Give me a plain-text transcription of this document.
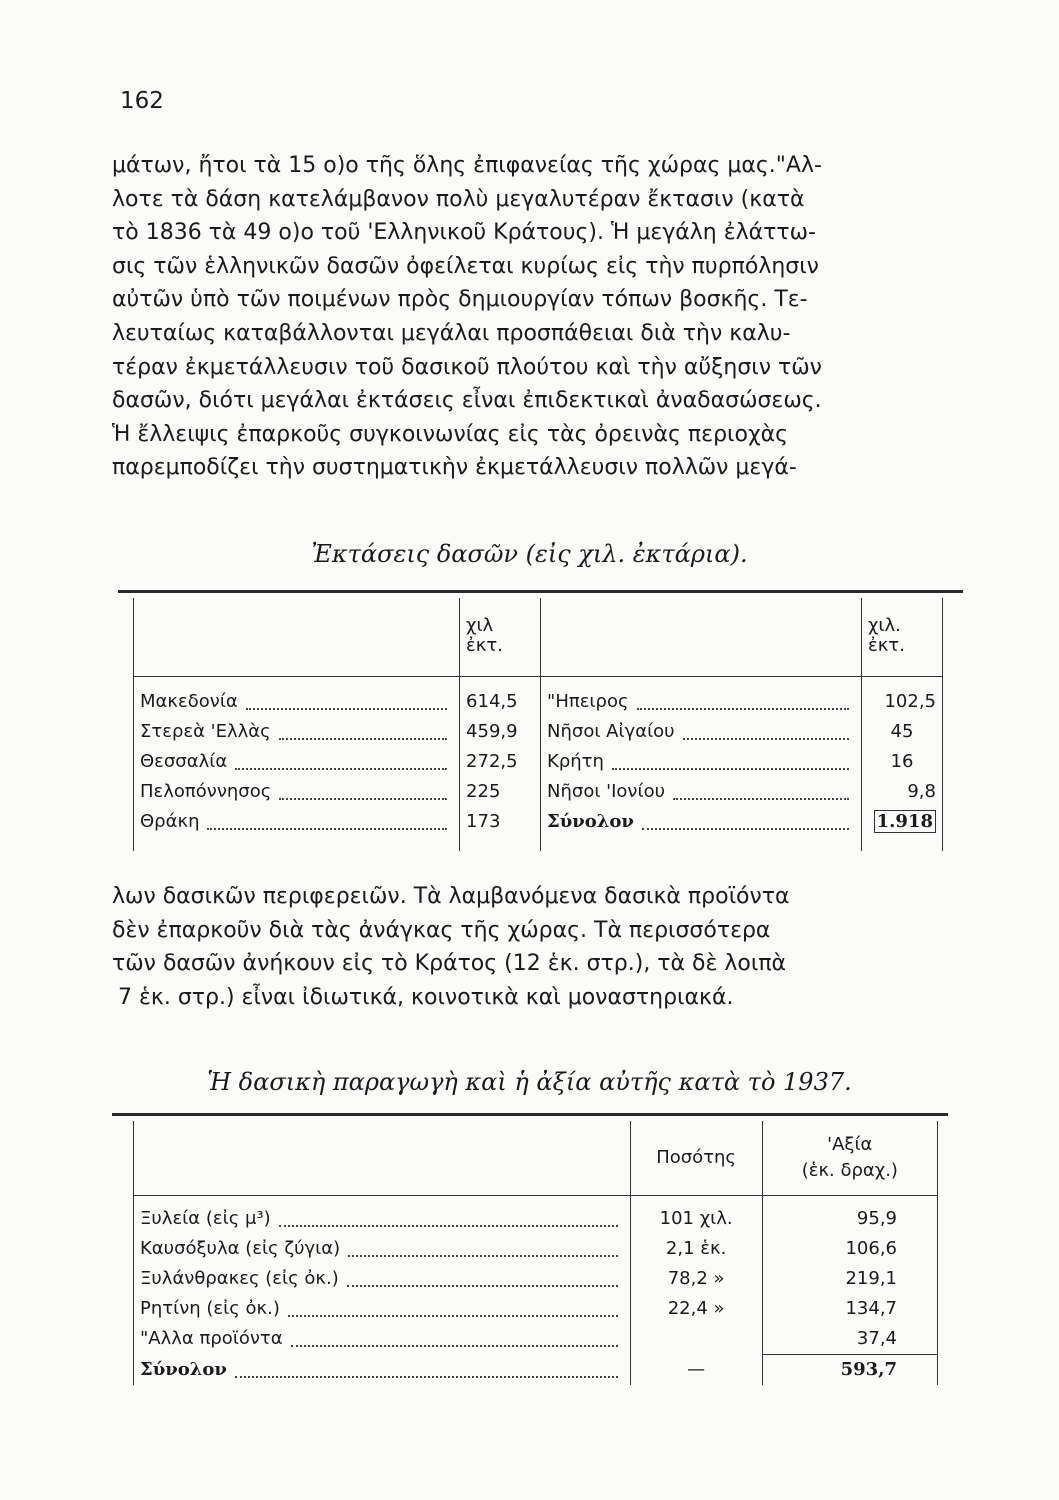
162
μάτων, ἤτοι τὰ 15 ο)ο τῆς ὅλης ἐπιφανείας τῆς χώρας μας."Αλ-
λοτε τὰ δάση κατελάμβανον πολὺ μεγαλυτέραν ἔκτασιν (κατὰ
τὸ 1836 τὰ 49 ο)ο τοῦ 'Ελληνικοῦ Κράτους). Ἡ μεγάλη ἐλάττω-
σις τῶν ἑλληνικῶν δασῶν ὀφείλεται κυρίως εἰς τὴν πυρπόλησιν
αὐτῶν ὑπὸ τῶν ποιμένων πρὸς δημιουργίαν τόπων βοσκῆς. Τε-
λευταίως καταβάλλονται μεγάλαι προσπάθειαι διὰ τὴν καλυ-
τέραν ἐκμετάλλευσιν τοῦ δασικοῦ πλούτου καὶ τὴν αὔξησιν τῶν
δασῶν, διότι μεγάλαι ἐκτάσεις εἶναι ἐπιδεκτικαὶ ἀναδασώσεως.
Ἡ ἔλλειψις ἐπαρκοῦς συγκοινωνίας εἰς τὰς ὀρεινὰς περιοχὰς
παρεμποδίζει τὴν συστηματικὴν ἐκμετάλλευσιν πολλῶν μεγά-
Ἐκτάσεις δασῶν (εἰς χιλ. ἐκτάρια).
	χιλ
ἐκτ.		χιλ.
ἐκτ.

Μακεδονία	614,5	"Ηπειρος	102,5

Στερεὰ 'Ελλὰς	459,9	Νῆσοι Αἰγαίου	45

Θεσσαλία	272,5	Κρήτη	16

Πελοπόννησος	225	Νῆσοι 'Ιονίου	9,8

Θράκη	173	Σύνολον	1.918
λων δασικῶν περιφερειῶν. Τὰ λαμβανόμενα δασικὰ προϊόντα
δὲν ἐπαρκοῦν διὰ τὰς ἀνάγκας τῆς χώρας. Τὰ περισσότερα
τῶν δασῶν ἀνήκουν εἰς τὸ Κράτος (12 ἑκ. στρ.), τὰ δὲ λοιπὰ
7 ἑκ. στρ.) εἶναι ἰδιωτικά, κοινοτικὰ καὶ μοναστηριακά.
Ἡ δασικὴ παραγωγὴ καὶ ἡ ἀξία αὐτῆς κατὰ τὸ 1937.
	Ποσότης	'Αξία
(ἑκ. δραχ.)

Ξυλεία (εἰς μ³)	101 χιλ.	95,9

Καυσόξυλα (εἰς ζύγια)	2,1 ἑκ.	106,6

Ξυλάνθρακες (εἰς ὀκ.)	78,2 »	219,1

Ρητίνη (εἰς ὀκ.)	22,4 »	134,7

"Αλλα προϊόντα		37,4

Σύνολον	—	593,7
